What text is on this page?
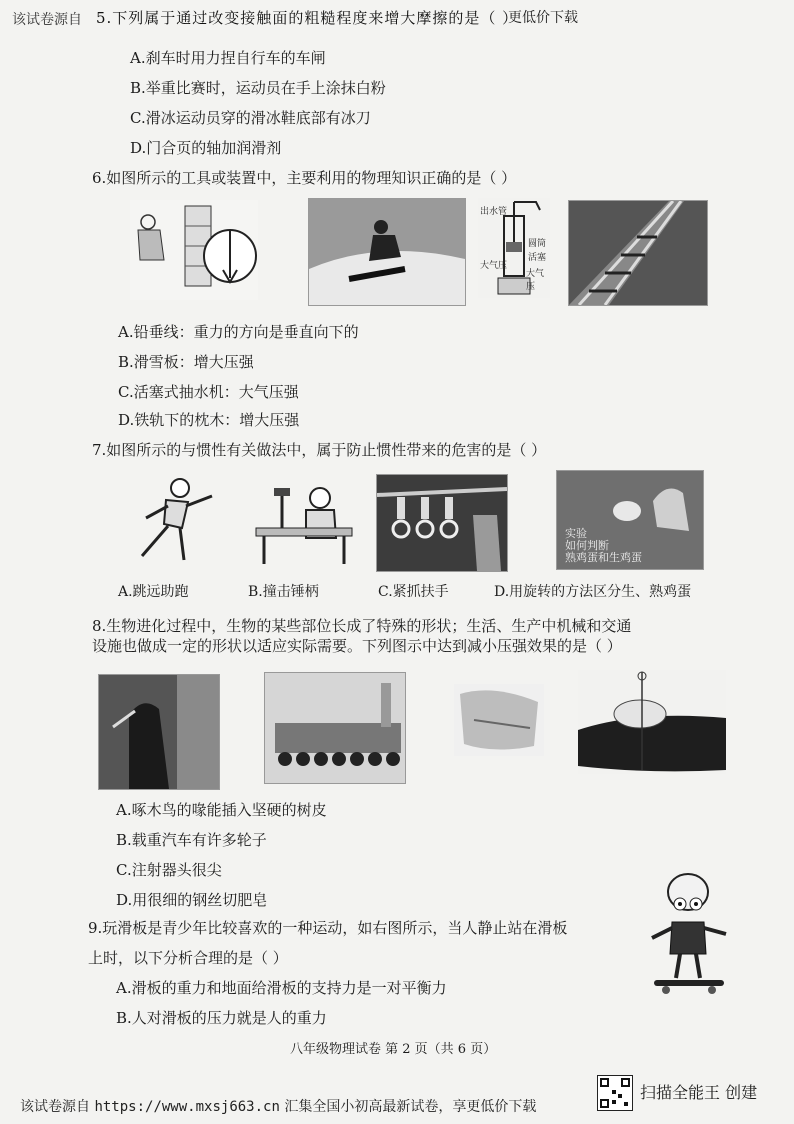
该试卷源自 5.下列属于通过改变接触面的粗糙程度来增大摩擦的是（ ）
更低价下载
A.刹车时用力捏自行车的车闸
B.举重比赛时，运动员在手上涂抹白粉
C.滑冰运动员穿的滑冰鞋底部有冰刀
D.门合页的轴加润滑剂
6.如图所示的工具或装置中，主要利用的物理知识正确的是（ ）
出水管
圆筒
活塞
大气压
大气压
A.铅垂线：重力的方向是垂直向下的
B.滑雪板：增大压强
C.活塞式抽水机：大气压强
D.铁轨下的枕木：增大压强
7.如图所示的与惯性有关做法中，属于防止惯性带来的危害的是（ ）
实验
如何判断
熟鸡蛋和生鸡蛋
A.跳远助跑	B.撞击锤柄	C.紧抓扶手	D.用旋转的方法区分生、熟鸡蛋
8.生物进化过程中，生物的某些部位长成了特殊的形状；生活、生产中机械和交通
设施也做成一定的形状以适应实际需要。下列图示中达到减小压强效果的是（ ）
A.啄木鸟的喙能插入坚硬的树皮
B.载重汽车有许多轮子
C.注射器头很尖
D.用很细的钢丝切肥皂
9.玩滑板是青少年比较喜欢的一种运动，如右图所示，当人静止站在滑板
上时，以下分析合理的是（ ）
A.滑板的重力和地面给滑板的支持力是一对平衡力
B.人对滑板的压力就是人的重力
八年级物理试卷 第 2 页（共 6 页）
该试卷源自 https://www.mxsj663.cn 汇集全国小初高最新试卷，享更低价下载
扫描全能王 创建
